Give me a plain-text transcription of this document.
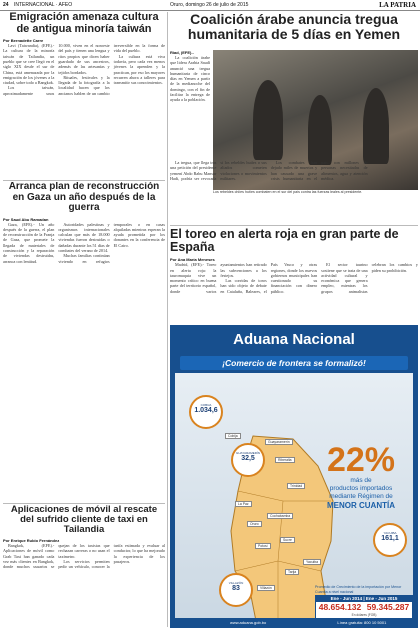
24 INTERNACIONAL · AFEO	Oruro, domingo 26 de julio de 2015	LA PATRIA
Emigración amenaza cultura de antigua minoría taiwán
Por Bernadette Carre

Lavi (Taiwandia), (EFE).- La cultura de la minoría taiwán de Tailandia, un pueblo que se cree llegó en el siglo XIX desde el sur de China, está amenazada por la emigración de los jóvenes a la ciudad, sobre todo a Bangkok.

Los taiwán, aproximadamente unos 10.000, viven en el noroeste del país y tienen una lengua y ritos propios que dicen haber guardado de sus ancestros, además de las artesanías y tejidos bordados.

Rituales, festivales y la llegada de la fotografía a la localidad hacen que los ancianos hablen de un cambio irreversible en la forma de vida del pueblo.

La cultura está viva todavía, pero cada vez menos jóvenes la aprenden y la practican, por eso los mayores recurren ahora a talleres para transmitir sus conocimientos.

Arranca plan de reconstrucción en Gaza un año después de la guerra
Por Saud Abu Ramadan

Gaza, (EFE).- Un año después de la guerra, el plan de reconstrucción de la Franja de Gaza, que promete la llegada de materiales de construcción y la reparación de viviendas destruidas, arranca con lentitud.

Autoridades palestinas y organismos internacionales calculan que más de 18.000 viviendas fueron destruidas o dañadas durante los 51 días de combates del verano de 2014.

Muchas familias continúan viviendo en refugios temporales o en casas alquiladas mientras esperan la ayuda prometida por los donantes en la conferencia de El Cairo.

Aplicaciones de móvil al rescate del sufrido cliente de taxi en Tailandia
Por Enrique Rubio Fernández

Bangkok, (EFE).- Aplicaciones de móvil como Grab Taxi han ganado cada vez más clientes en Bangkok, donde muchos usuarios se quejan de los taxistas que rechazan carreras o no usan el taxímetro.

Los servicios permiten pedir un vehículo, conocer la tarifa estimada y evaluar al conductor, lo que ha mejorado la experiencia de los pasajeros.

Coalición árabe anuncia tregua humanitaria de 5 días en Yemen
Riad, (EFE).-

La coalición árabe que lidera Arabia Saudí anunció una tregua humanitaria de cinco días en Yemen a partir de la medianoche del domingo, con el fin de facilitar la entrega de ayuda a la población.

La tregua, que llega tras una petición del presidente yemení Abdo Rabu Mansur Hadi, podría ser revocada si los rebeldes hutíes o sus aliados cometen violaciones o movimientos militares.

Los combates han dejado miles de muertos y han causado una grave crisis humanitaria en el país, con millones de personas necesitadas de alimentos, agua y atención médica.

Los rebeldes chiíes hutíes combaten en el sur del país contra las fuerzas leales al presidente.
El toreo en alerta roja en gran parte de España
Por Ana María Meneses

Madrid, (EFE).- Toreo en alerta roja: la tauromaquia vive un momento crítico en buena parte del territorio español, donde varios ayuntamientos han retirado las subvenciones a los festejos.

Las corridas de toros han sido objeto de debate en Cataluña, Baleares, el País Vasco y otras regiones, donde los nuevos gobiernos municipales han cuestionado su financiación con dinero público.

El sector taurino sostiene que se trata de una actividad cultural y económica que genera empleo, mientras los grupos animalistas celebran los cambios y piden su prohibición.

Aduana Nacional
¡Comercio de frontera se formalizó!
COBIJA
1.034,6
GUAYARAMERÍN
32,5
VILLAZÓN
83
YACUIBA
161,1
Cobija
Guayaramerín
Riberalta
Trinidad
La Paz
Oruro
Cochabamba
Potosí
Sucre
Tarija
Yacuiba
Villazón
22%
más de
productos importados
mediante Régimen de
MENOR CUANTÍA
Promedio de Crecimiento de la importación por Menor Cuantía a nivel nacional
Ene - Jun 2014 | Ene - Jun 2015
48.654.132 59.345.287
En dólares (FOB)
www.aduana.gob.bo	Línea gratuita: 800 10 5001
